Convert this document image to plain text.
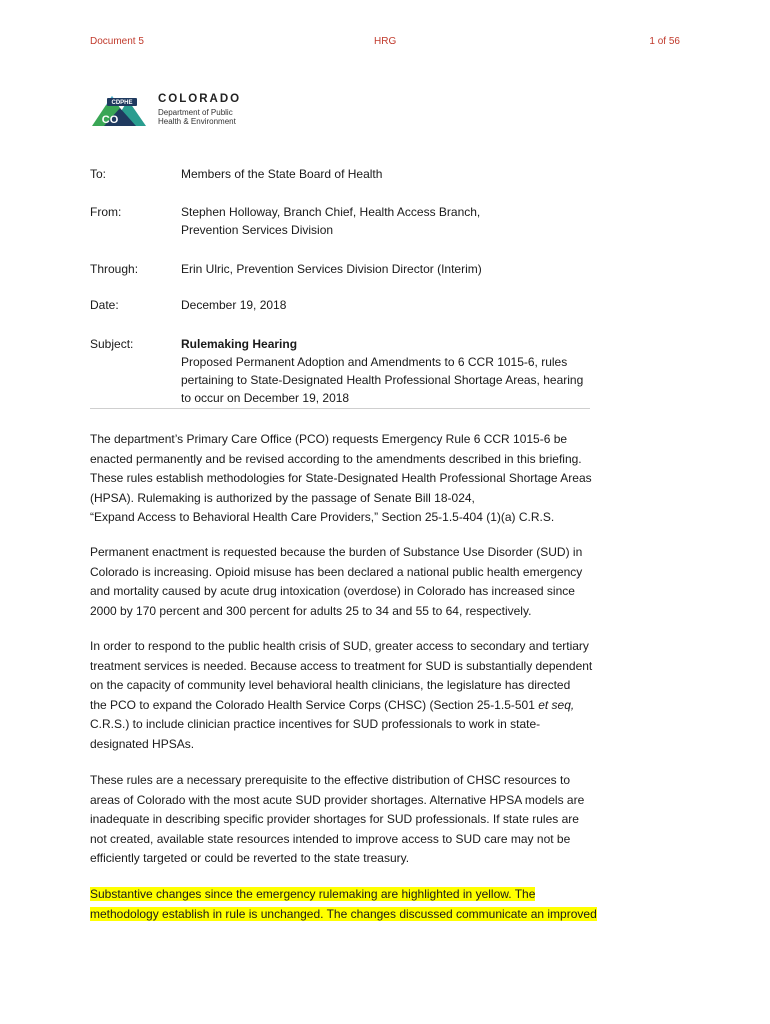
Document 5	HRG	1 of 56
CDPHE
CO
COLORADO
Department of Public
Health & Environment
To:	Members of the State Board of Health
From:	Stephen Holloway, Branch Chief, Health Access Branch,
Prevention Services Division
Through:	Erin Ulric, Prevention Services Division Director (Interim)
Date:	December 19, 2018
Subject:	Rulemaking Hearing
Proposed Permanent Adoption and Amendments to 6 CCR 1015-6, rules
pertaining to State-Designated Health Professional Shortage Areas, hearing
to occur on December 19, 2018

The department’s Primary Care Office (PCO) requests Emergency Rule 6 CCR 1015-6 be
enacted permanently and be revised according to the amendments described in this briefing.
These rules establish methodologies for State-Designated Health Professional Shortage Areas
(HPSA). Rulemaking is authorized by the passage of Senate Bill 18-024,
“Expand Access to Behavioral Health Care Providers,” Section 25-1.5-404 (1)(a) C.R.S.

Permanent enactment is requested because the burden of Substance Use Disorder (SUD) in
Colorado is increasing. Opioid misuse has been declared a national public health emergency
and mortality caused by acute drug intoxication (overdose) in Colorado has increased since
2000 by 170 percent and 300 percent for adults 25 to 34 and 55 to 64, respectively.

In order to respond to the public health crisis of SUD, greater access to secondary and tertiary
treatment services is needed. Because access to treatment for SUD is substantially dependent
on the capacity of community level behavioral health clinicians, the legislature has directed
the PCO to expand the Colorado Health Service Corps (CHSC) (Section 25-1.5-501 et seq,
C.R.S.) to include clinician practice incentives for SUD professionals to work in state-
designated HPSAs.

These rules are a necessary prerequisite to the effective distribution of CHSC resources to
areas of Colorado with the most acute SUD provider shortages. Alternative HPSA models are
inadequate in describing specific provider shortages for SUD professionals. If state rules are
not created, available state resources intended to improve access to SUD care may not be
efficiently targeted or could be reverted to the state treasury.

Substantive changes since the emergency rulemaking are highlighted in yellow. The
methodology establish in rule is unchanged. The changes discussed communicate an improved
